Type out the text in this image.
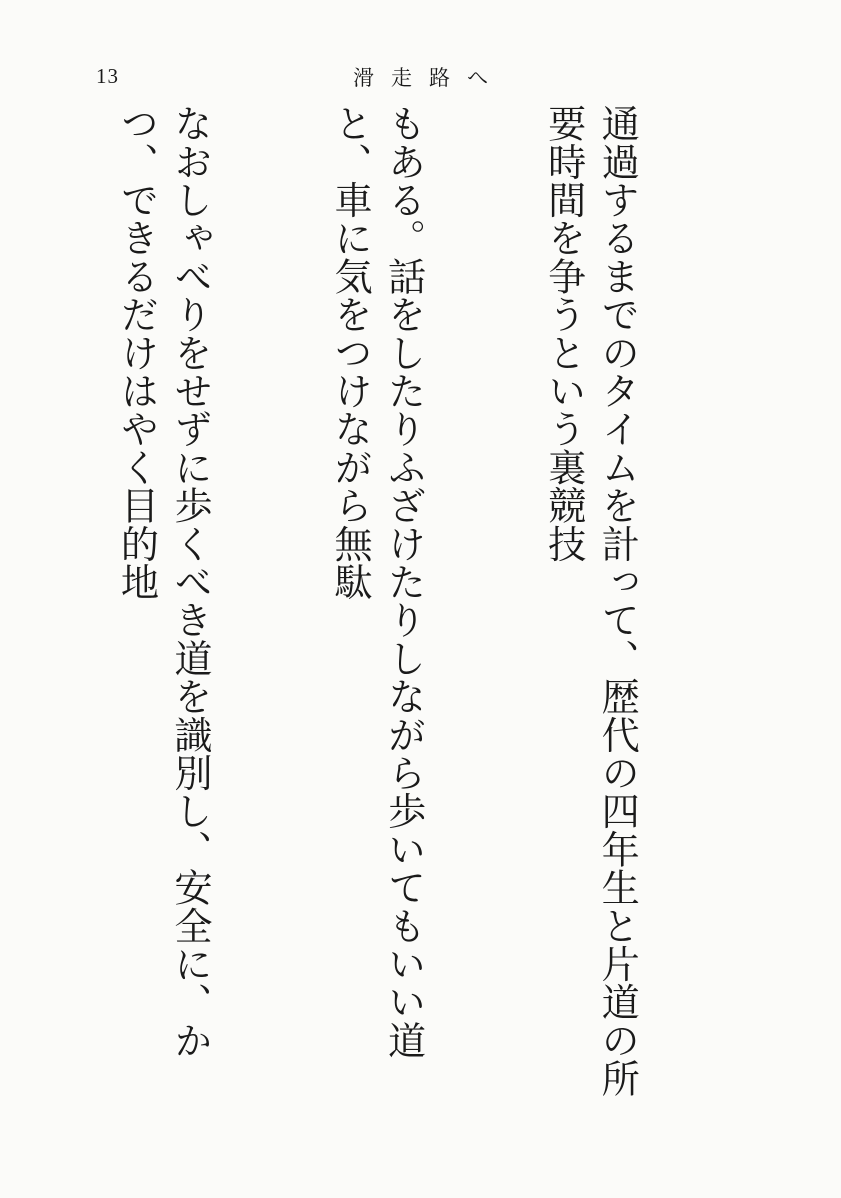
13	滑走路へ

通過するまでのタイムを計って、歴代の四年生と片道の所要時間を争うという裏競技

もある。話をしたりふざけたりしながら歩いてもいい道と、車に気をつけながら無駄

なおしゃべりをせずに歩くべき道を識別し、安全に、かつ、できるだけはやく目的地
